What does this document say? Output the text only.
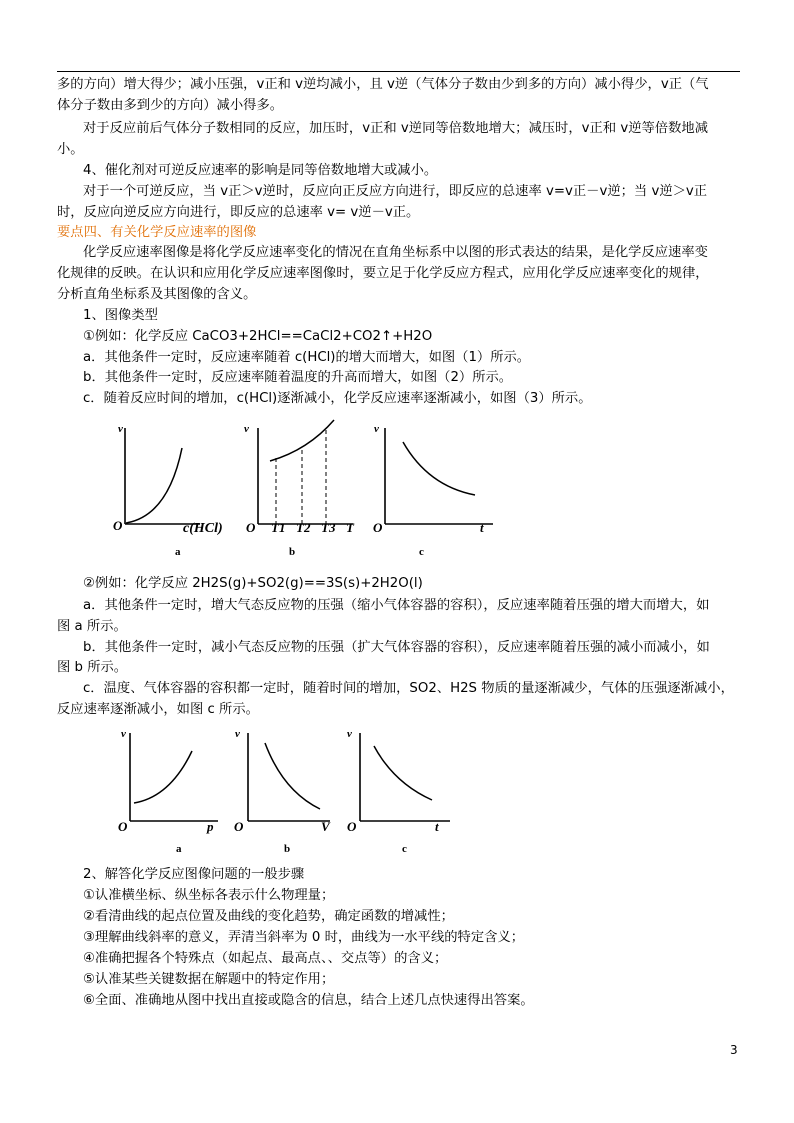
多的方向）增大得少；减小压强，v正和 v逆均减小，且 v逆（气体分子数由少到多的方向）减小得少，v正（气
体分子数由多到少的方向）减小得多。
对于反应前后气体分子数相同的反应，加压时，v正和 v逆同等倍数地增大；减压时，v正和 v逆等倍数地减
小。
4、催化剂对可逆反应速率的影响是同等倍数地增大或减小。
对于一个可逆反应，当 v正＞v逆时，反应向正反应方向进行，即反应的总速率 v=v正－v逆；当 v逆＞v正
时，反应向逆反应方向进行，即反应的总速率 v= v逆－v正。
要点四、有关化学反应速率的图像
化学反应速率图像是将化学反应速率变化的情况在直角坐标系中以图的形式表达的结果，是化学反应速率变
化规律的反映。在认识和应用化学反应速率图像时，要立足于化学反应方程式，应用化学反应速率变化的规律，
分析直角坐标系及其图像的含义。
1、图像类型
①例如：化学反应 CaCO3+2HCl==CaCl2+CO2↑+H2O
a．其他条件一定时，反应速率随着 c(HCl)的增大而增大，如图（1）所示。
b．其他条件一定时，反应速率随着温度的升高而增大，如图（2）所示。
c．随着反应时间的增加，c(HCl)逐渐减小，化学反应速率逐渐减小，如图（3）所示。
v
O	c(HCl)
a
v
O T1 T2 T3 T
b
v
O	t
c
②例如：化学反应 2H2S(g)+SO2(g)==3S(s)+2H2O(l)
a．其他条件一定时，增大气态反应物的压强（缩小气体容器的容积），反应速率随着压强的增大而增大，如
图 a 所示。
b．其他条件一定时，减小气态反应物的压强（扩大气体容器的容积），反应速率随着压强的减小而减小，如
图 b 所示。
c．温度、气体容器的容积都一定时，随着时间的增加，SO2、H2S 物质的量逐渐减少，气体的压强逐渐减小，
反应速率逐渐减小，如图 c 所示。
v
O	p
a
v
O	V
b
v
O	t
c
2、解答化学反应图像问题的一般步骤
①认准横坐标、纵坐标各表示什么物理量；
②看清曲线的起点位置及曲线的变化趋势，确定函数的增减性；
③理解曲线斜率的意义，弄清当斜率为 0 时，曲线为一水平线的特定含义；
④准确把握各个特殊点（如起点、最高点、、交点等）的含义；
⑤认准某些关键数据在解题中的特定作用；
⑥全面、准确地从图中找出直接或隐含的信息，结合上述几点快速得出答案。
3
